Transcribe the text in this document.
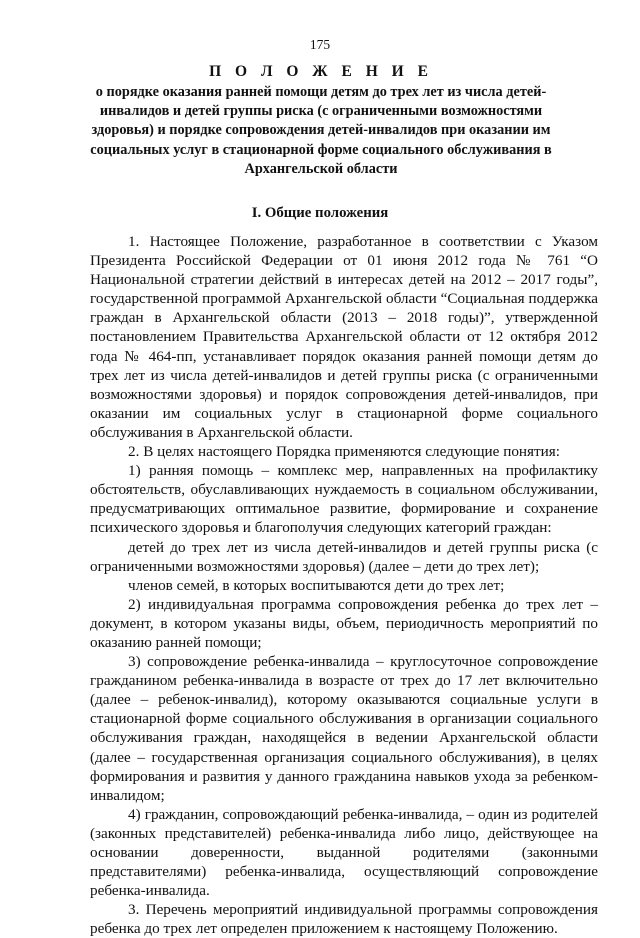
175
П О Л О Ж Е Н И Е
о порядке оказания ранней помощи детям до трех лет из числа детей-инвалидов и детей группы риска (с ограниченными возможностями здоровья) и порядке сопровождения детей-инвалидов при оказании им социальных услуг в стационарной форме социального обслуживания в Архангельской области
I. Общие положения

1. Настоящее Положение, разработанное в соответствии с Указом Президента Российской Федерации от 01 июня 2012 года № 761 “О Национальной стратегии действий в интересах детей на 2012 – 2017 годы”, государственной программой Архангельской области “Социальная поддержка граждан в Архангельской области (2013 – 2018 годы)”, утвержденной постановлением Правительства Архангельской области от 12 октября 2012 года № 464-пп, устанавливает порядок оказания ранней помощи детям до трех лет из числа детей-инвалидов и детей группы риска (с ограниченными возможностями здоровья) и порядок сопровождения детей-инвалидов, при оказании им социальных услуг в стационарной форме социального обслуживания в Архангельской области.

2. В целях настоящего Порядка применяются следующие понятия:

1) ранняя помощь – комплекс мер, направленных на профилактику обстоятельств, обуславливающих нуждаемость в социальном обслуживании, предусматривающих оптимальное развитие, формирование и сохранение психического здоровья и благополучия следующих категорий граждан:

детей до трех лет из числа детей-инвалидов и детей группы риска (с ограниченными возможностями здоровья) (далее – дети до трех лет);

членов семей, в которых воспитываются дети до трех лет;

2) индивидуальная программа сопровождения ребенка до трех лет – документ, в котором указаны виды, объем, периодичность мероприятий по оказанию ранней помощи;

3) сопровождение ребенка-инвалида – круглосуточное сопровождение гражданином ребенка-инвалида в возрасте от трех до 17 лет включительно (далее – ребенок-инвалид), которому оказываются социальные услуги в стационарной форме социального обслуживания в организации социального обслуживания граждан, находящейся в ведении Архангельской области (далее – государственная организация социального обслуживания), в целях формирования и развития у данного гражданина навыков ухода за ребенком-инвалидом;

4) гражданин, сопровождающий ребенка-инвалида, – один из родителей (законных представителей) ребенка-инвалида либо лицо, действующее на основании доверенности, выданной родителями (законными представителями) ребенка-инвалида, осуществляющий сопровождение ребенка-инвалида.

3. Перечень мероприятий индивидуальной программы сопровождения ребенка до трех лет определен приложением к настоящему Положению.
